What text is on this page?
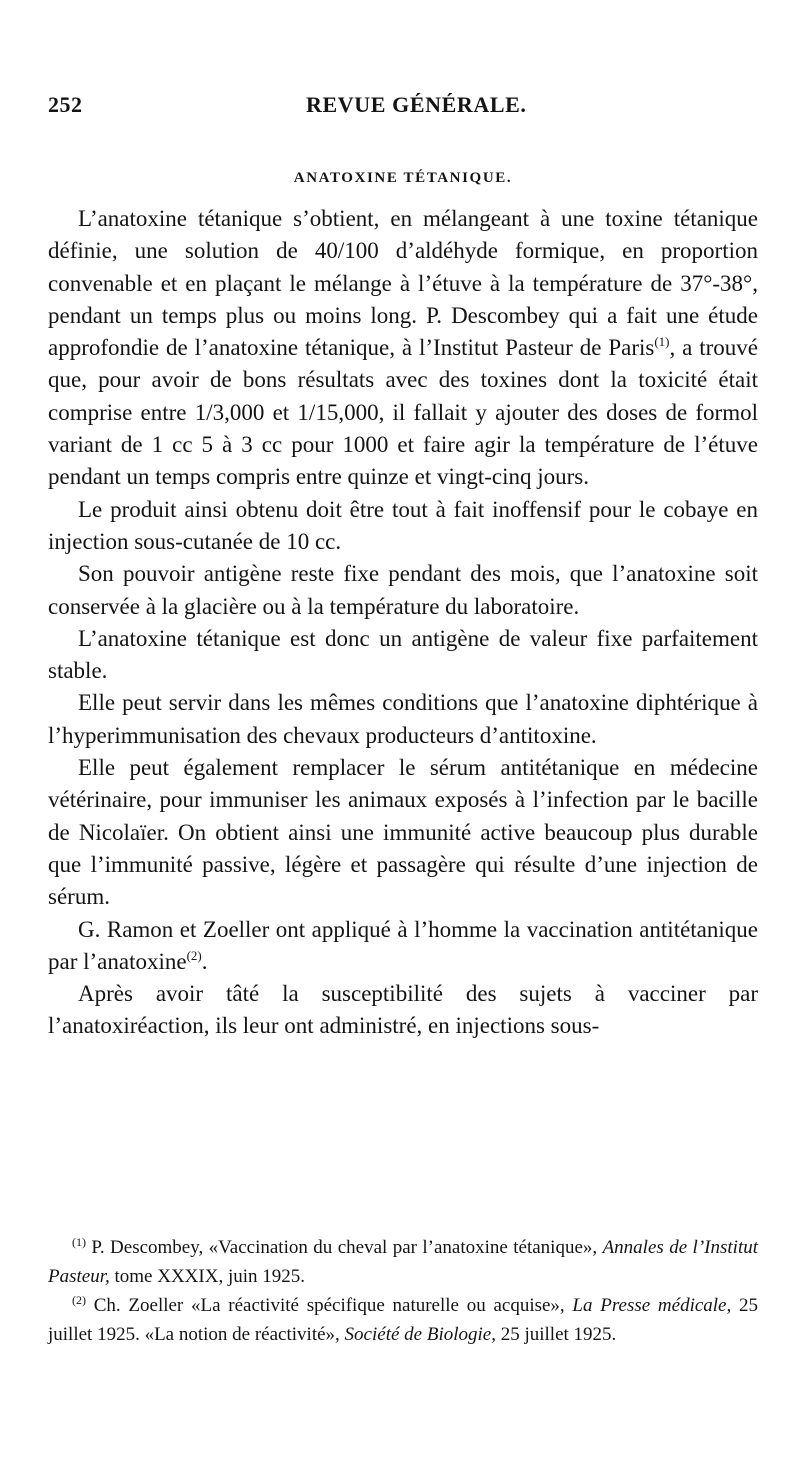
252	REVUE GÉNÉRALE.
ANATOXINE TÉTANIQUE.

L’anatoxine tétanique s’obtient, en mélangeant à une toxine tétanique définie, une solution de 40/100 d’aldéhyde formique, en proportion convenable et en plaçant le mélange à l’étuve à la température de 37°-38°, pendant un temps plus ou moins long. P. Descombey qui a fait une étude approfondie de l’anatoxine tétanique, à l’Institut Pasteur de Paris$^{(1)}$, a trouvé que, pour avoir de bons résultats avec des toxines dont la toxicité était comprise entre 1/3,000 et 1/15,000, il fallait y ajouter des doses de formol variant de 1 cc 5 à 3 cc pour 1000 et faire agir la température de l’étuve pendant un temps compris entre quinze et vingt-cinq jours.

Le produit ainsi obtenu doit être tout à fait inoffensif pour le cobaye en injection sous-cutanée de 10 cc.

Son pouvoir antigène reste fixe pendant des mois, que l’anatoxine soit conservée à la glacière ou à la température du laboratoire.

L’anatoxine tétanique est donc un antigène de valeur fixe parfaitement stable.

Elle peut servir dans les mêmes conditions que l’anatoxine diphtérique à l’hyperimmunisation des chevaux producteurs d’antitoxine.

Elle peut également remplacer le sérum antitétanique en médecine vétérinaire, pour immuniser les animaux exposés à l’infection par le bacille de Nicolaïer. On obtient ainsi une immunité active beaucoup plus durable que l’immunité passive, légère et passagère qui résulte d’une injection de sérum.

G. Ramon et Zoeller ont appliqué à l’homme la vaccination antitétanique par l’anatoxine$^{(2)}$.

Après avoir tâté la susceptibilité des sujets à vacciner par l’anatoxiréaction, ils leur ont administré, en injections sous-

$^{(1)}$ P. Descombey, «Vaccination du cheval par l’anatoxine tétanique», Annales de l’Institut Pasteur, tome XXXIX, juin 1925.

$^{(2)}$ Ch. Zoeller «La réactivité spécifique naturelle ou acquise», La Presse médicale, 25 juillet 1925. «La notion de réactivité», Société de Biologie, 25 juillet 1925.
